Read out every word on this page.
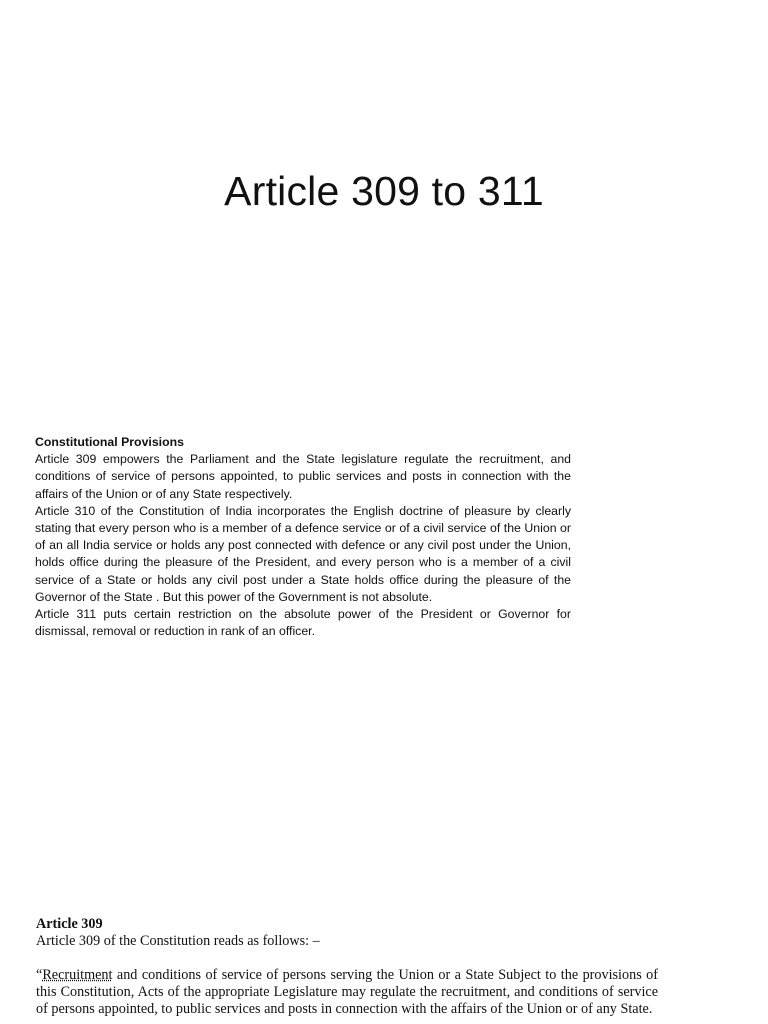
Article 309 to 311

Constitutional Provisions

Article 309 empowers the Parliament and the State legislature regulate the recruitment, and conditions of service of persons appointed, to public services and posts in connection with the affairs of the Union or of any State respectively.

Article 310 of the Constitution of India incorporates the English doctrine of pleasure by clearly stating that every person who is a member of a defence service or of a civil service of the Union or of an all India service or holds any post connected with defence or any civil post under the Union, holds office during the pleasure of the President, and every person who is a member of a civil service of a State or holds any civil post under a State holds office during the pleasure of the Governor of the State . But this power of the Government is not absolute.

Article 311 puts certain restriction on the absolute power of the President or Governor for dismissal, removal or reduction in rank of an officer.

Article 309

Article 309 of the Constitution reads as follows: –

“Recruitment and conditions of service of persons serving the Union or a State Subject to the provisions of this Constitution, Acts of the appropriate Legislature may regulate the recruitment, and conditions of service of persons appointed, to public services and posts in connection with the affairs of the Union or of any State.
